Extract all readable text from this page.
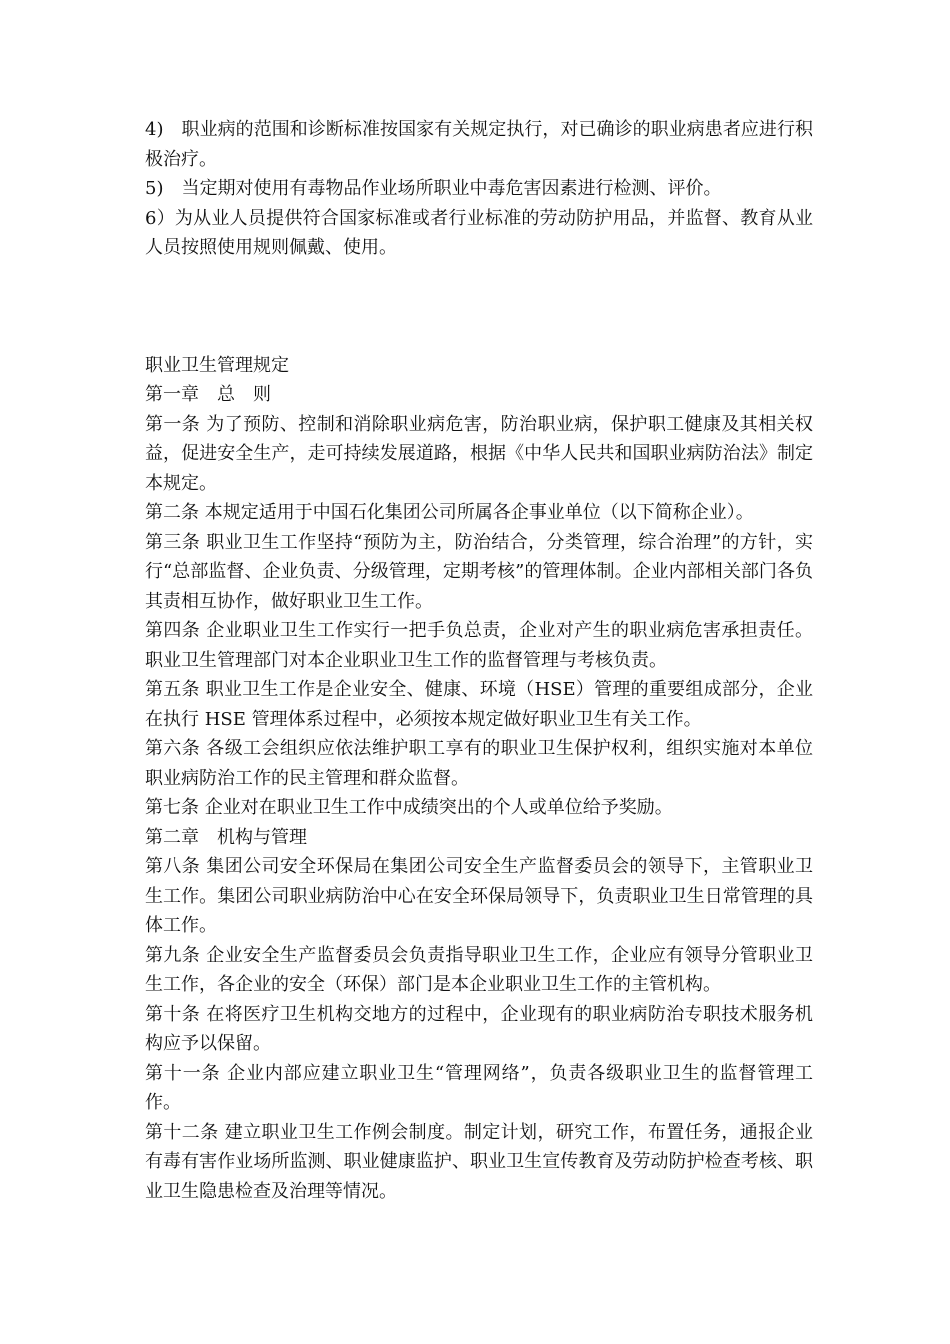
4)　职业病的范围和诊断标准按国家有关规定执行，对已确诊的职业病患者应进行积极治疗。

5)　当定期对使用有毒物品作业场所职业中毒危害因素进行检测、评价。

6）为从业人员提供符合国家标准或者行业标准的劳动防护用品，并监督、教育从业人员按照使用规则佩戴、使用。

职业卫生管理规定

第一章　总　则

第一条 为了预防、控制和消除职业病危害，防治职业病，保护职工健康及其相关权益，促进安全生产，走可持续发展道路，根据《中华人民共和国职业病防治法》制定本规定。

第二条 本规定适用于中国石化集团公司所属各企事业单位（以下简称企业）。

第三条 职业卫生工作坚持“预防为主，防治结合，分类管理，综合治理”的方针，实行“总部监督、企业负责、分级管理，定期考核”的管理体制。企业内部相关部门各负其责相互协作，做好职业卫生工作。

第四条 企业职业卫生工作实行一把手负总责，企业对产生的职业病危害承担责任。职业卫生管理部门对本企业职业卫生工作的监督管理与考核负责。

第五条 职业卫生工作是企业安全、健康、环境（HSE）管理的重要组成部分，企业在执行 HSE 管理体系过程中，必须按本规定做好职业卫生有关工作。

第六条 各级工会组织应依法维护职工享有的职业卫生保护权利，组织实施对本单位职业病防治工作的民主管理和群众监督。

第七条 企业对在职业卫生工作中成绩突出的个人或单位给予奖励。

第二章　机构与管理

第八条 集团公司安全环保局在集团公司安全生产监督委员会的领导下，主管职业卫生工作。集团公司职业病防治中心在安全环保局领导下，负责职业卫生日常管理的具体工作。

第九条 企业安全生产监督委员会负责指导职业卫生工作，企业应有领导分管职业卫生工作，各企业的安全（环保）部门是本企业职业卫生工作的主管机构。

第十条 在将医疗卫生机构交地方的过程中，企业现有的职业病防治专职技术服务机构应予以保留。

第十一条 企业内部应建立职业卫生“管理网络”，负责各级职业卫生的监督管理工作。

第十二条 建立职业卫生工作例会制度。制定计划，研究工作，布置任务，通报企业有毒有害作业场所监测、职业健康监护、职业卫生宣传教育及劳动防护检查考核、职业卫生隐患检查及治理等情况。
